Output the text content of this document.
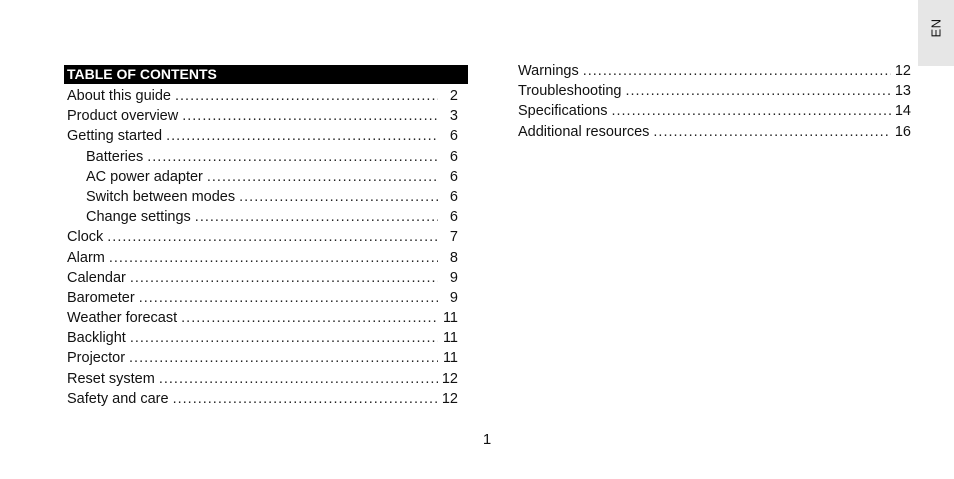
EN
TABLE OF CONTENTS
About this guide .....	2
Product overview .....	3
Getting started .....	6
Batteries .....	6
AC power adapter .....	6
Switch between modes .....	6
Change settings .....	6
Clock .....	7
Alarm .....	8
Calendar .....	9
Barometer .....	9
Weather forecast .....	11
Backlight .....	11
Projector .....	11
Reset system .....	12
Safety and care .....	12
Warnings .....	12
Troubleshooting .....	13
Specifications .....	14
Additional resources .....	16
1
